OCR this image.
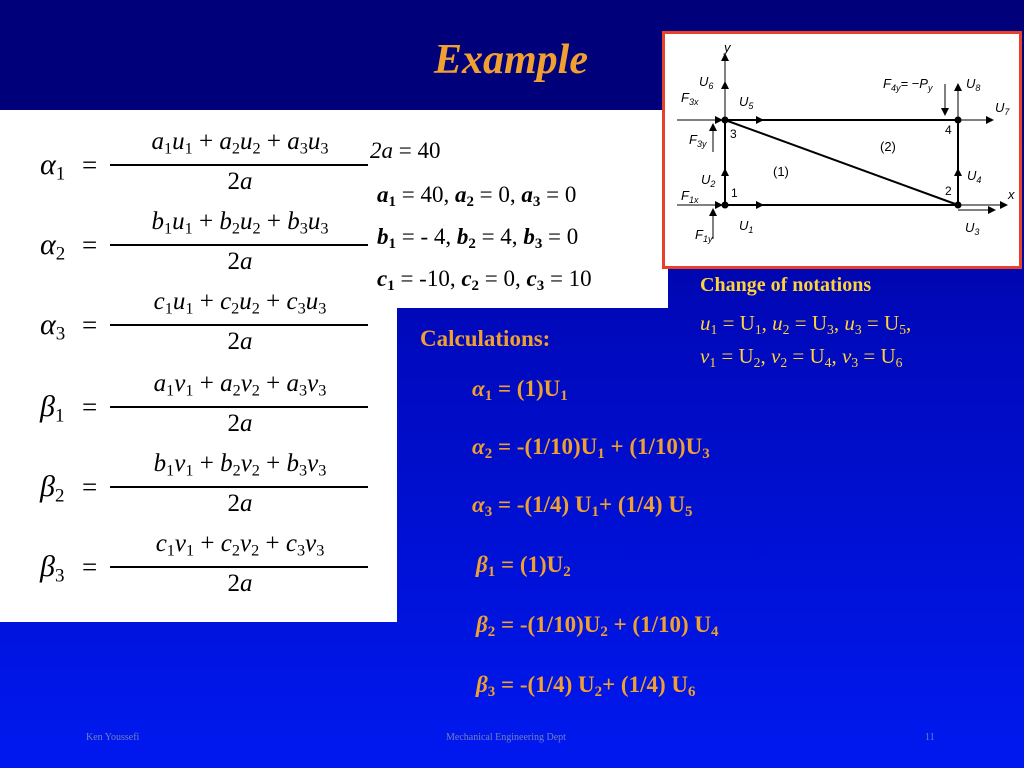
Example
$\alpha_1$ =
$a_1u_1 + a_2u_2 + a_3u_3$
2a
$\alpha_2$ =
$b_1u_1 + b_2u_2 + b_3u_3$
2a
$\alpha_3$ =
$c_1u_1 + c_2u_2 + c_3u_3$
2a
$\beta_1$ =
$a_1v_1 + a_2v_2 + a_3v_3$
2a
$\beta_2$ =
$b_1v_1 + b_2v_2 + b_3v_3$
2a
$\beta_3$ =
$c_1v_1 + c_2v_2 + c_3v_3$
2a
2a = 40
$a_1 = 40$, $a_2 = 0$, $a_3 = 0$
$b_1$ = - 4, $b_2 = 4$, $b_3 = 0$
$c_1 = -10$, $c_2 = 0$, $c_3 = 10$
y
x
1	2
3	4
(1)
(2)
$U_6$
$U_5$
$F_{3x}$
$F_{3y}$
$U_2$
$U_1$
$F_{1x}$
$F_{1y}$
$U_8$
$U_7$
$F_{4y}= -P_y$
$U_4$
$U_3$
Change of notations
$u_1 = U_1$, $u_2 = U_3$, $u_3 = U_5$,
$v_1 = U_2$, $v_2 = U_4$, $v_3 = U_6$
Calculations:
$\alpha_1 = (1)U_1$
$\alpha_2 = -(1/10)U_1 + (1/10)U_3$
$\alpha_3 = -(1/4)$ $U_1+ (1/4)$ $U_5$
$\beta_1 = (1)U_2$
$\beta_2 = -(1/10)U_2 + (1/10)$ $U_4$
$\beta_3 = -(1/4)$ $U_2+ (1/4)$ $U_6$
Ken Youssefi	Mechanical Engineering Dept	11
